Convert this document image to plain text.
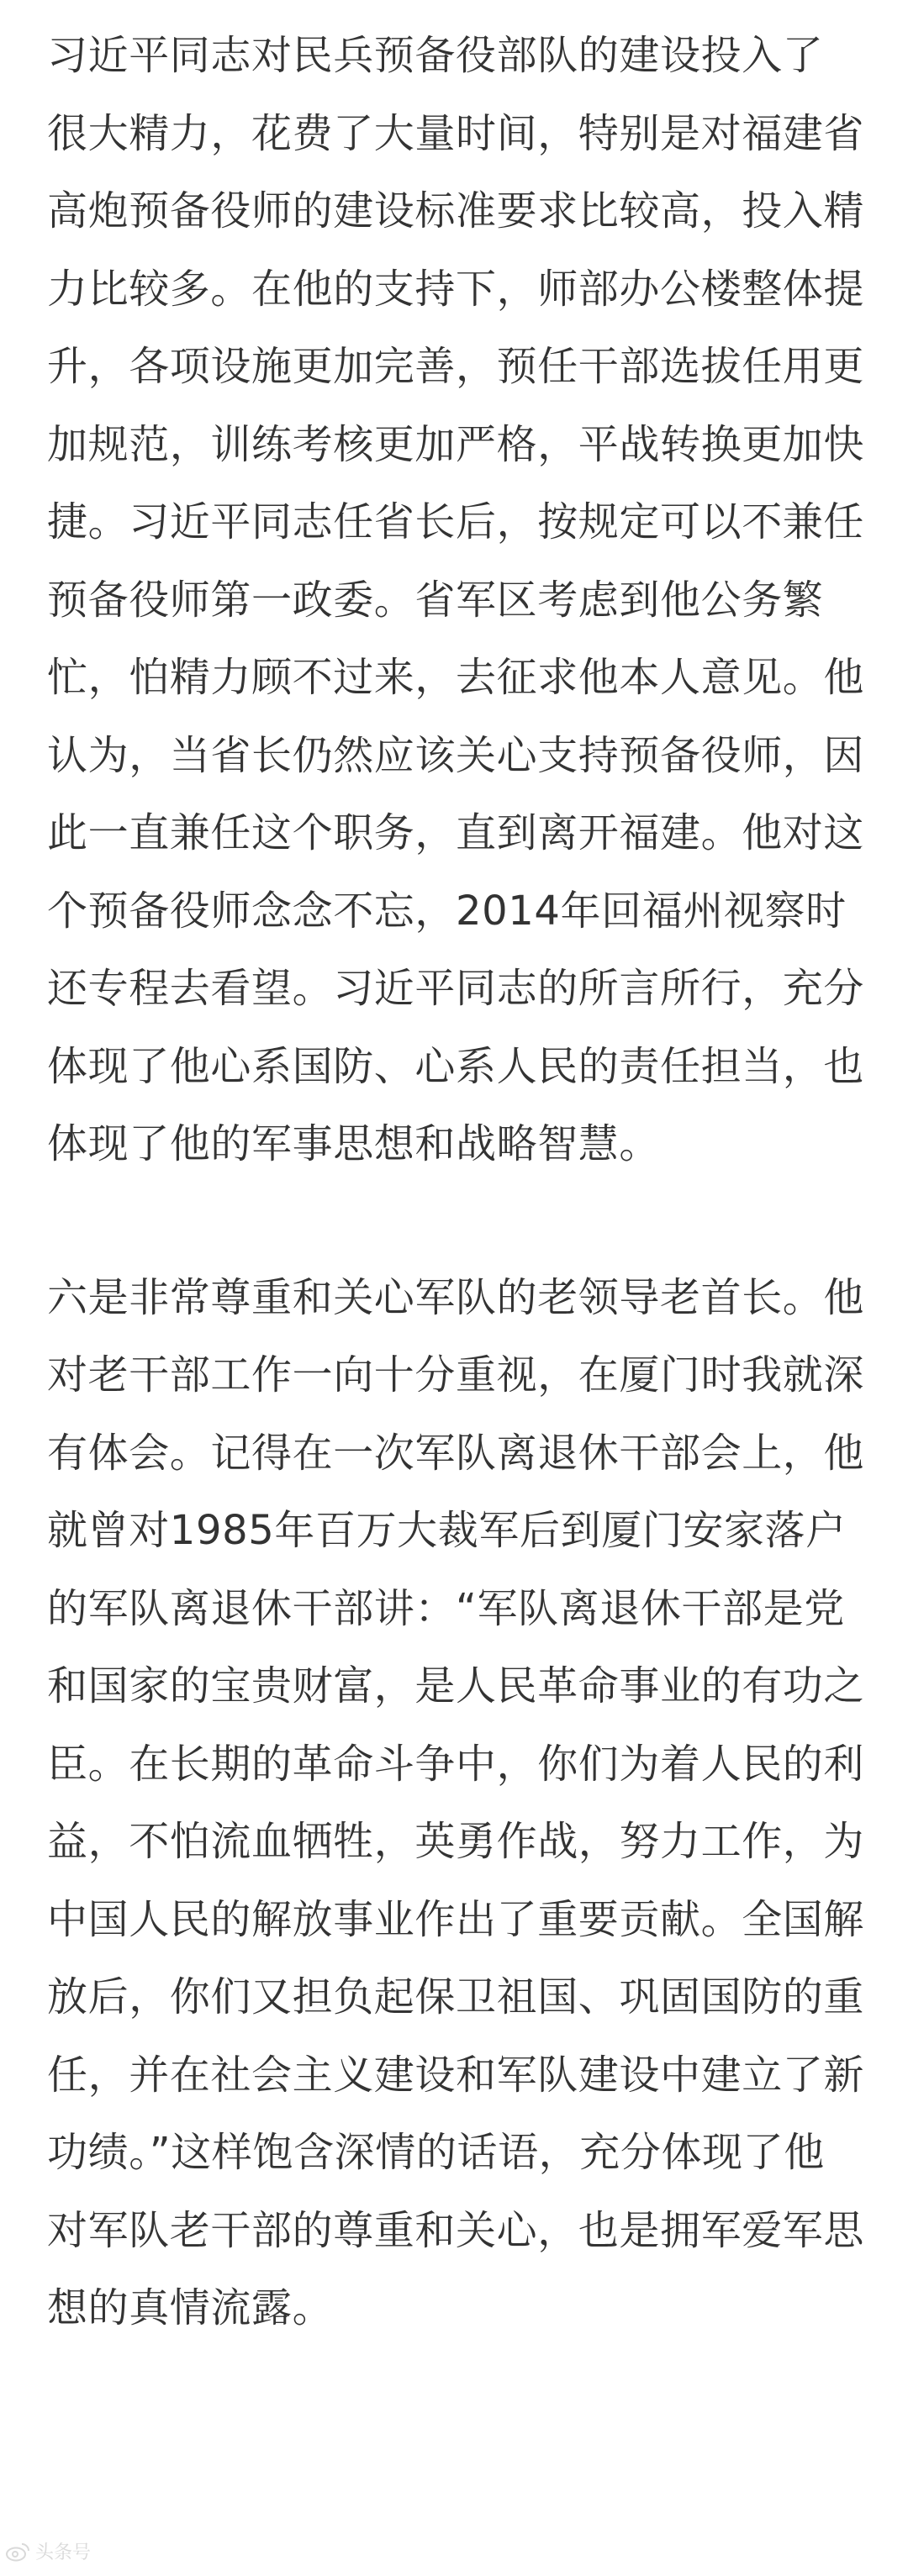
习近平同志对民兵预备役部队的建设投入了
很大精力，花费了大量时间，特别是对福建省
高炮预备役师的建设标准要求比较高，投入精
力比较多。在他的支持下，师部办公楼整体提
升，各项设施更加完善，预任干部选拔任用更
加规范，训练考核更加严格，平战转换更加快
捷。习近平同志任省长后，按规定可以不兼任
预备役师第一政委。省军区考虑到他公务繁
忙，怕精力顾不过来，去征求他本人意见。他
认为，当省长仍然应该关心支持预备役师，因
此一直兼任这个职务，直到离开福建。他对这
个预备役师念念不忘，2014年回福州视察时
还专程去看望。习近平同志的所言所行，充分
体现了他心系国防、心系人民的责任担当，也
体现了他的军事思想和战略智慧。

六是非常尊重和关心军队的老领导老首长。他
对老干部工作一向十分重视，在厦门时我就深
有体会。记得在一次军队离退休干部会上，他
就曾对1985年百万大裁军后到厦门安家落户
的军队离退休干部讲：“军队离退休干部是党
和国家的宝贵财富，是人民革命事业的有功之
臣。在长期的革命斗争中，你们为着人民的利
益，不怕流血牺牲，英勇作战，努力工作，为
中国人民的解放事业作出了重要贡献。全国解
放后，你们又担负起保卫祖国、巩固国防的重
任，并在社会主义建设和军队建设中建立了新
功绩。”这样饱含深情的话语，充分体现了他
对军队老干部的尊重和关心，也是拥军爱军思
想的真情流露。

头条号
